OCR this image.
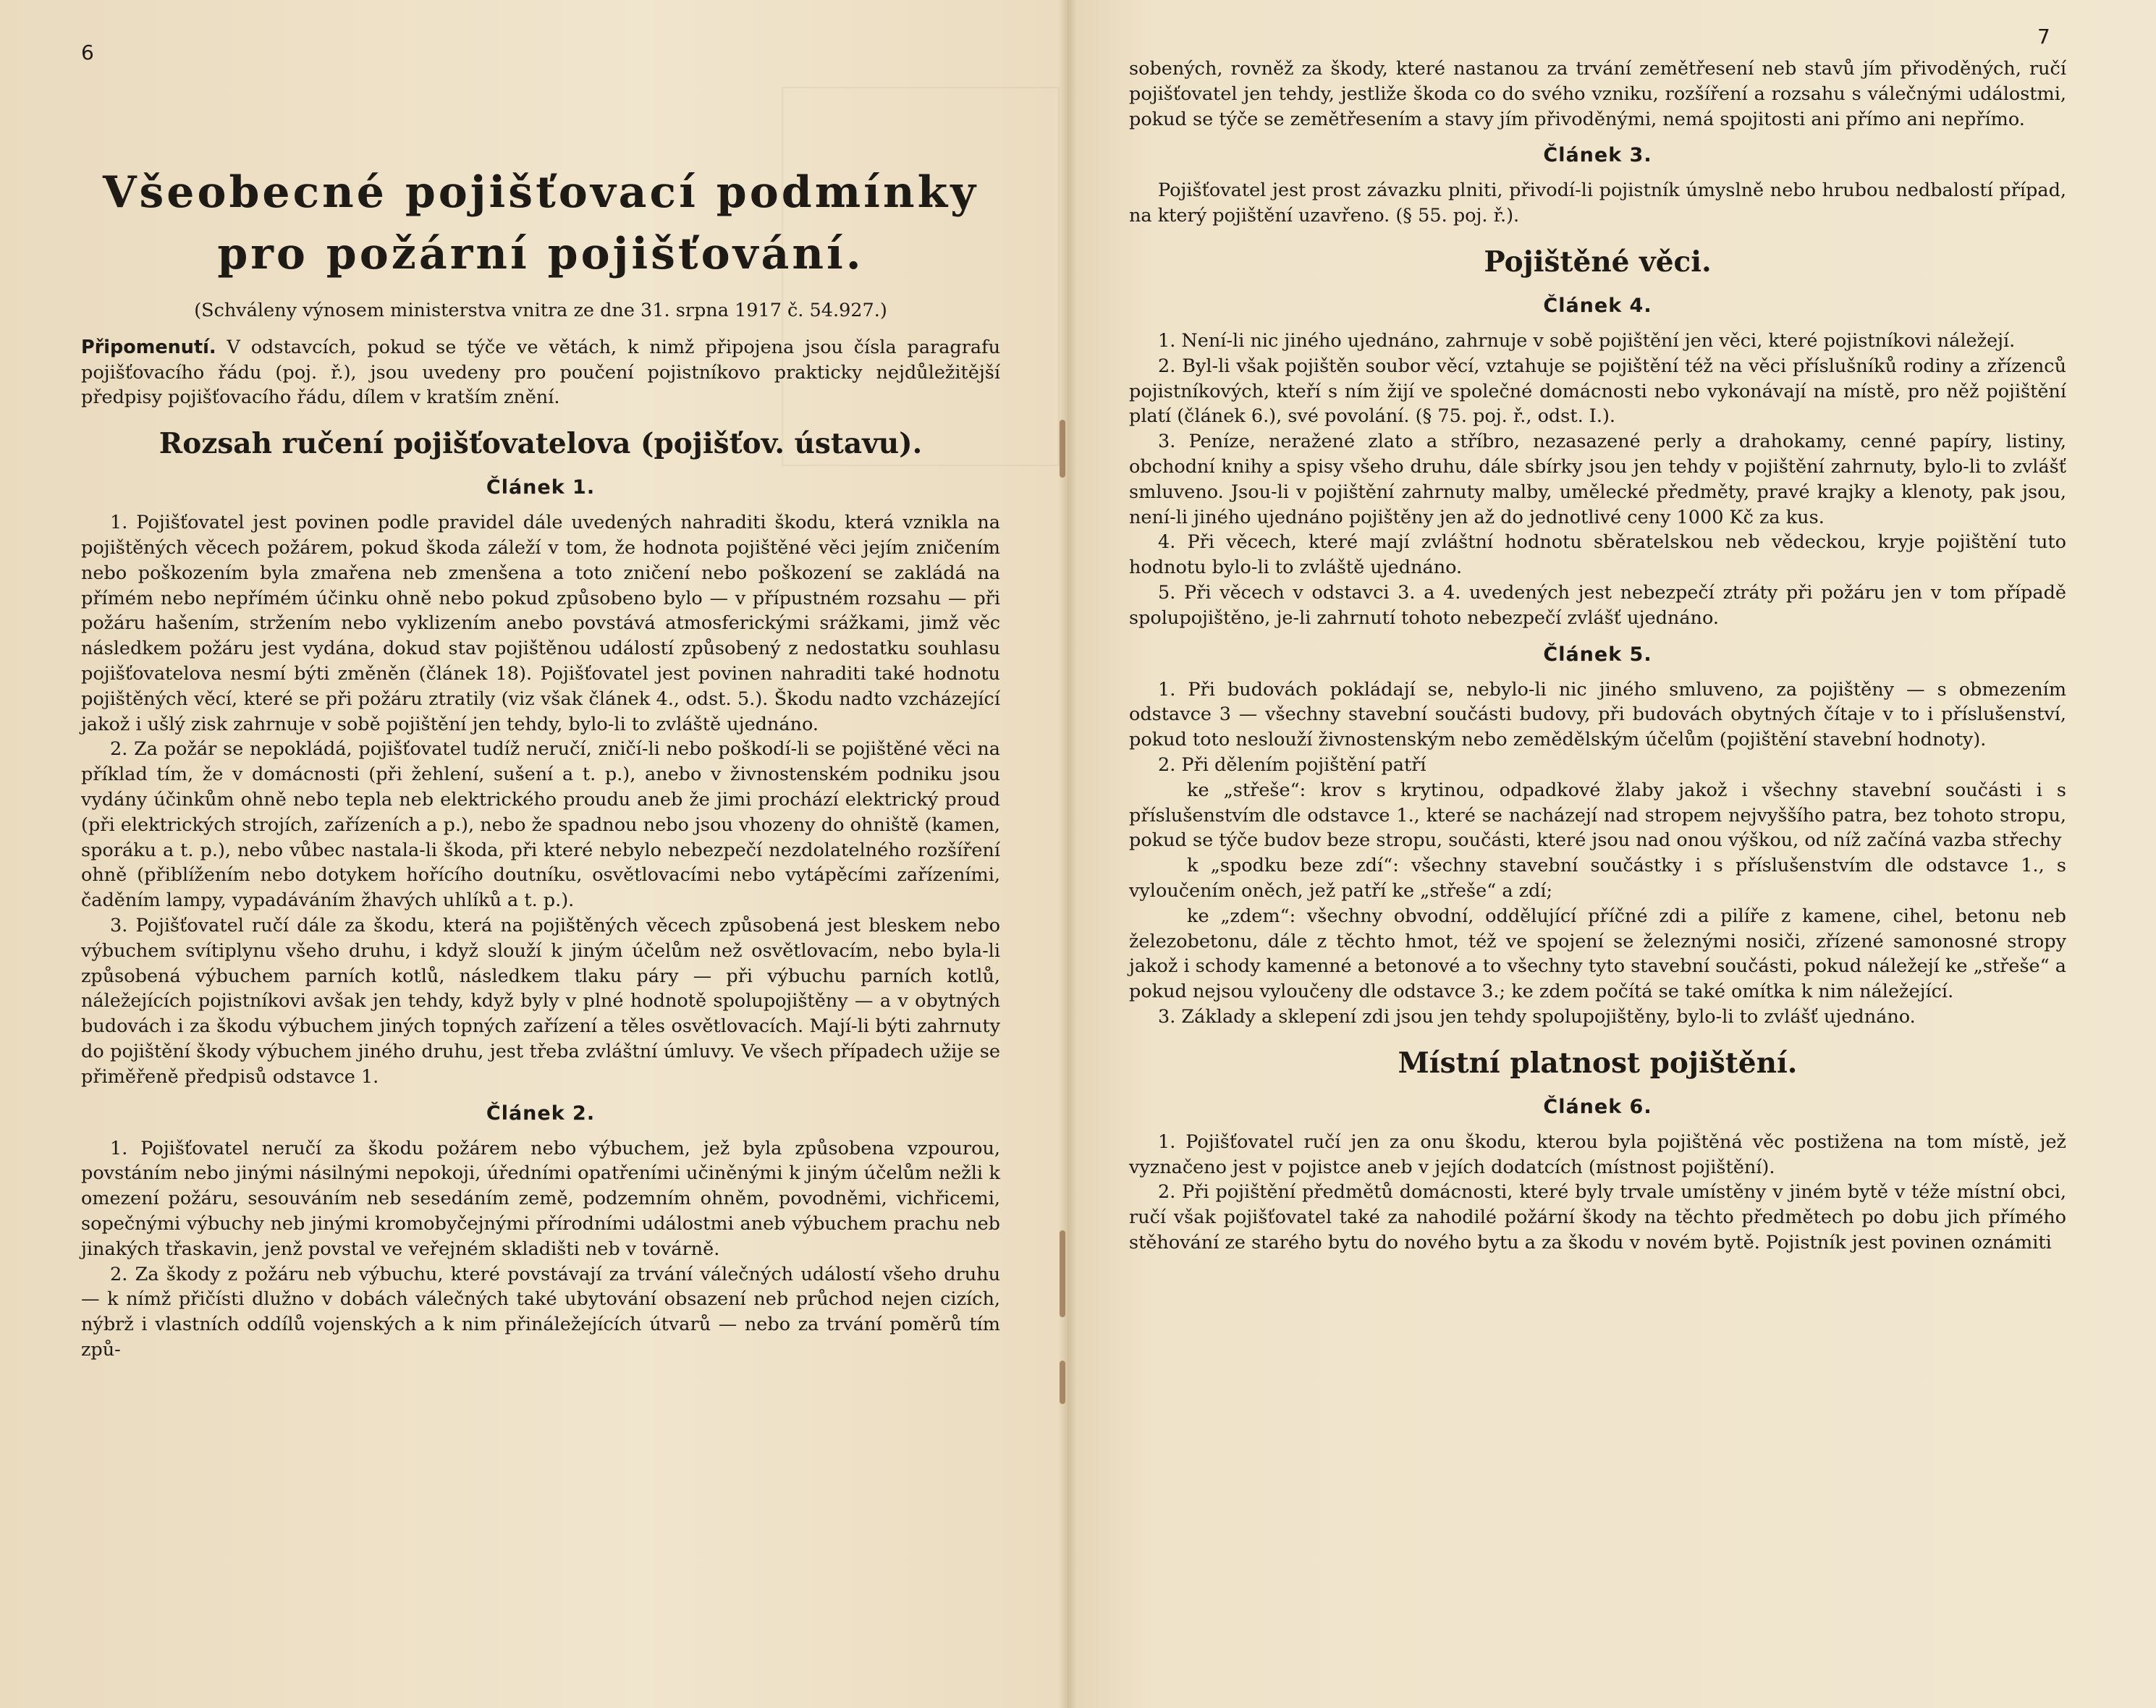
6
Všeobecné pojišťovací podmínky
pro požární pojišťování.
(Schváleny výnosem ministerstva vnitra ze dne 31. srpna 1917 č. 54.927.)

Připomenutí. V odstavcích, pokud se týče ve větách, k nimž připojena jsou čísla paragrafu pojišťovacího řádu (poj. ř.), jsou uvedeny pro poučení pojistníkovo prakticky nejdůležitější předpisy pojišťovacího řádu, dílem v kratším znění.

Rozsah ručení pojišťovatelova (pojišťov. ústavu).
Článek 1.

1. Pojišťovatel jest povinen podle pravidel dále uvedených nahraditi škodu, která vznikla na pojištěných věcech požárem, pokud škoda záleží v tom, že hodnota pojištěné věci jejím zničením nebo poškozením byla zmařena neb zmenšena a toto zničení nebo poškození se zakládá na přímém nebo nepřímém účinku ohně nebo pokud způsobeno bylo — v přípustném rozsahu — při požáru hašením, stržením nebo vyklizením anebo povstává atmosferickými srážkami, jimž věc následkem požáru jest vydána, dokud stav pojištěnou událostí způsobený z nedostatku souhlasu pojišťovatelova nesmí býti změněn (článek 18). Pojišťovatel jest povinen nahraditi také hodnotu pojištěných věcí, které se při požáru ztratily (viz však článek 4., odst. 5.). Škodu nadto vzcházející jakož i ušlý zisk zahrnuje v sobě pojištění jen tehdy, bylo-li to zvláště ujednáno.

2. Za požár se nepokládá, pojišťovatel tudíž neručí, zničí-li nebo poškodí-li se pojištěné věci na příklad tím, že v domácnosti (při žehlení, sušení a t. p.), anebo v živnostenském podniku jsou vydány účinkům ohně nebo tepla neb elektrického proudu aneb že jimi prochází elektrický proud (při elektrických strojích, zařízeních a p.), nebo že spadnou nebo jsou vhozeny do ohniště (kamen, sporáku a t. p.), nebo vůbec nastala-li škoda, při které nebylo nebezpečí nezdolatelného rozšíření ohně (přiblížením nebo dotykem hořícího doutníku, osvětlovacími nebo vytápěcími zařízeními, čaděním lampy, vypadáváním žhavých uhlíků a t. p.).

3. Pojišťovatel ručí dále za škodu, která na pojištěných věcech způsobená jest bleskem nebo výbuchem svítiplynu všeho druhu, i když slouží k jiným účelům než osvětlovacím, nebo byla-li způsobená výbuchem parních kotlů, následkem tlaku páry — při výbuchu parních kotlů, náležejících pojistníkovi avšak jen tehdy, když byly v plné hodnotě spolupojištěny — a v obytných budovách i za škodu výbuchem jiných topných zařízení a těles osvětlovacích. Mají-li býti zahrnuty do pojištění škody výbuchem jiného druhu, jest třeba zvláštní úmluvy. Ve všech případech užije se přiměřeně předpisů odstavce 1.

Článek 2.

1. Pojišťovatel neručí za škodu požárem nebo výbuchem, jež byla způsobena vzpourou, povstáním nebo jinými násilnými nepokoji, úředními opatřeními učiněnými k jiným účelům nežli k omezení požáru, sesouváním neb sesedáním země, podzemním ohněm, povodněmi, vichřicemi, sopečnými výbuchy neb jinými kromobyčejnými přírodními událostmi aneb výbuchem prachu neb jinakých třaskavin, jenž povstal ve veřejném skladišti neb v továrně.

2. Za škody z požáru neb výbuchu, které povstávají za trvání válečných událostí všeho druhu — k nímž přičísti dlužno v dobách válečných také ubytování obsazení neb průchod nejen cizích, nýbrž i vlastních oddílů vojenských a k nim přináležejících útvarů — nebo za trvání poměrů tím způ-

7

sobených, rovněž za škody, které nastanou za trvání zemětřesení neb stavů jím přivoděných, ručí pojišťovatel jen tehdy, jestliže škoda co do svého vzniku, rozšíření a rozsahu s válečnými událostmi, pokud se týče se zemětřesením a stavy jím přivoděnými, nemá spojitosti ani přímo ani nepřímo.

Článek 3.

Pojišťovatel jest prost závazku plniti, přivodí-li pojistník úmyslně nebo hrubou nedbalostí případ, na který pojištění uzavřeno. (§ 55. poj. ř.).

Pojištěné věci.
Článek 4.

1. Není-li nic jiného ujednáno, zahrnuje v sobě pojištění jen věci, které pojistníkovi náležejí.

2. Byl-li však pojištěn soubor věcí, vztahuje se pojištění též na věci příslušníků rodiny a zřízenců pojistníkových, kteří s ním žijí ve společné domácnosti nebo vykonávají na místě, pro něž pojištění platí (článek 6.), své povolání. (§ 75. poj. ř., odst. I.).

3. Peníze, neražené zlato a stříbro, nezasazené perly a drahokamy, cenné papíry, listiny, obchodní knihy a spisy všeho druhu, dále sbírky jsou jen tehdy v pojištění zahrnuty, bylo-li to zvlášť smluveno. Jsou-li v pojištění zahrnuty malby, umělecké předměty, pravé krajky a klenoty, pak jsou, není-li jiného ujednáno pojištěny jen až do jednotlivé ceny 1000 Kč za kus.

4. Při věcech, které mají zvláštní hodnotu sběratelskou neb vědeckou, kryje pojištění tuto hodnotu bylo-li to zvláště ujednáno.

5. Při věcech v odstavci 3. a 4. uvedených jest nebezpečí ztráty při požáru jen v tom případě spolupojištěno, je-li zahrnutí tohoto nebezpečí zvlášť ujednáno.

Článek 5.

1. Při budovách pokládají se, nebylo-li nic jiného smluveno, za pojištěny — s obmezením odstavce 3 — všechny stavební součásti budovy, při budovách obytných čítaje v to i příslušenství, pokud toto neslouží živnostenským nebo zemědělským účelům (pojištění stavební hodnoty).

2. Při dělením pojištění patří

ke „střeše“: krov s krytinou, odpadkové žlaby jakož i všechny stavební součásti i s příslušenstvím dle odstavce 1., které se nacházejí nad stropem nejvyššího patra, bez tohoto stropu, pokud se týče budov beze stropu, součásti, které jsou nad onou výškou, od níž začíná vazba střechy

k „spodku beze zdí“: všechny stavební součástky i s příslušenstvím dle odstavce 1., s vyloučením oněch, jež patří ke „střeše“ a zdí;

ke „zdem“: všechny obvodní, oddělující příčné zdi a pilíře z kamene, cihel, betonu neb železobetonu, dále z těchto hmot, též ve spojení se železnými nosiči, zřízené samonosné stropy jakož i schody kamenné a betonové a to všechny tyto stavební součásti, pokud náležejí ke „střeše“ a pokud nejsou vyloučeny dle odstavce 3.; ke zdem počítá se také omítka k nim náležející.

3. Základy a sklepení zdi jsou jen tehdy spolupojištěny, bylo-li to zvlášť ujednáno.

Místní platnost pojištění.
Článek 6.

1. Pojišťovatel ručí jen za onu škodu, kterou byla pojištěná věc postižena na tom místě, jež vyznačeno jest v pojistce aneb v jejích dodatcích (místnost pojištění).

2. Při pojištění předmětů domácnosti, které byly trvale umístěny v jiném bytě v téže místní obci, ručí však pojišťovatel také za nahodilé požární škody na těchto předmětech po dobu jich přímého stěhování ze starého bytu do nového bytu a za škodu v novém bytě. Pojistník jest povinen oznámiti
